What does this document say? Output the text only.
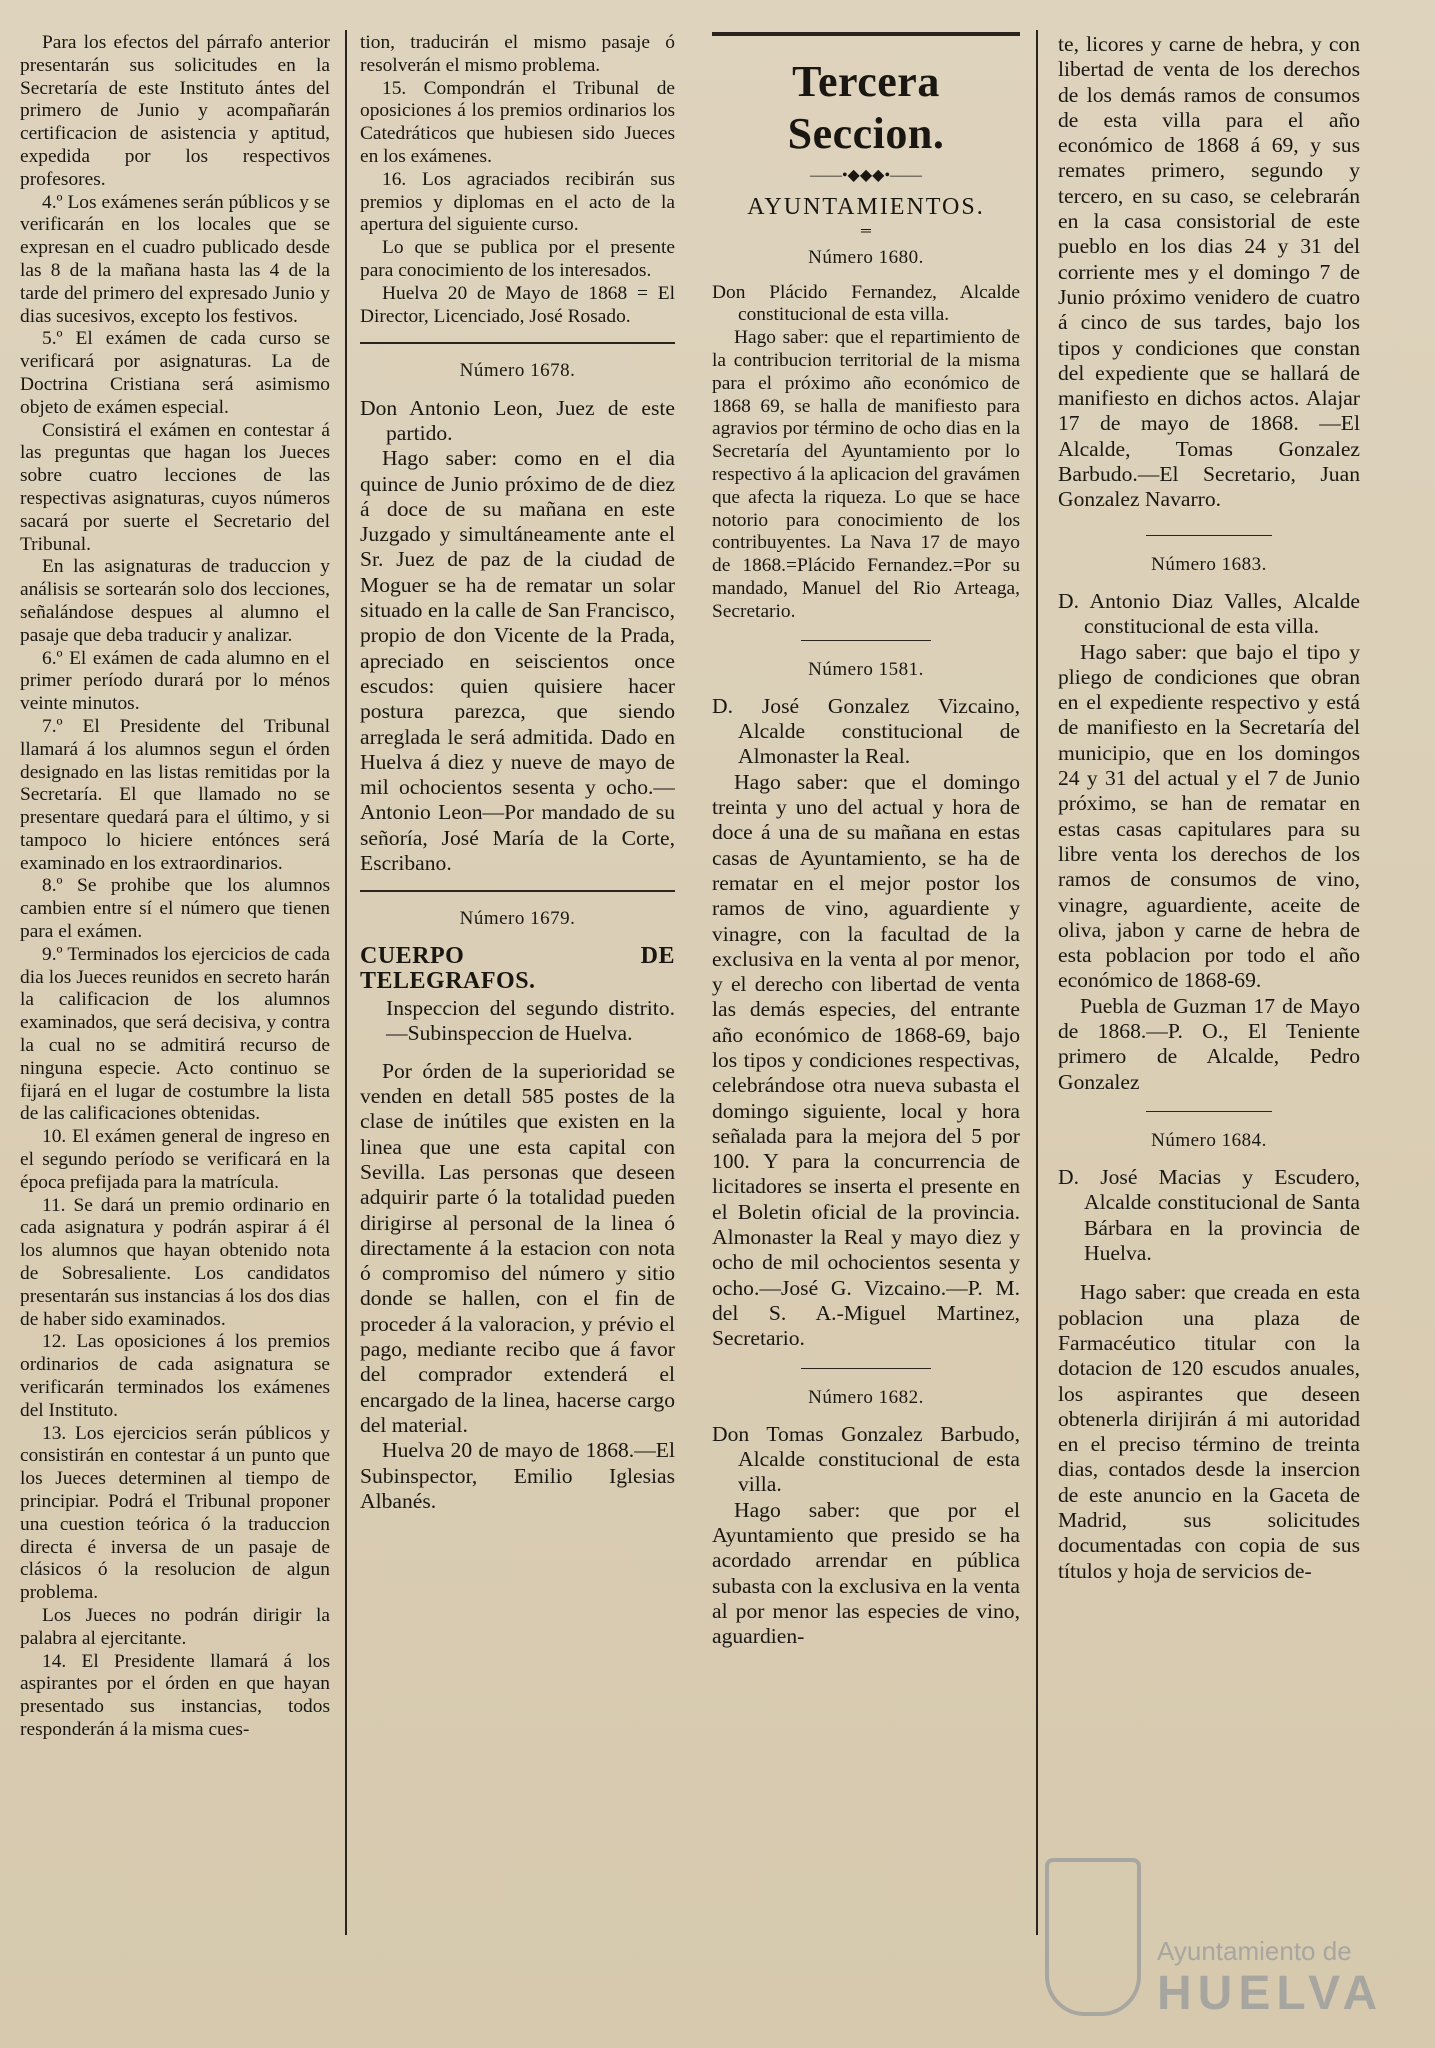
Para los efectos del párrafo anterior presentarán sus solicitudes en la Secretaría de este Instituto ántes del primero de Junio y acompañarán certificacion de asistencia y aptitud, expedida por los respectivos profesores.

4.º Los exámenes serán públicos y se verificarán en los locales que se expresan en el cuadro publicado desde las 8 de la mañana hasta las 4 de la tarde del primero del expresado Junio y dias sucesivos, excepto los festivos.

5.º El exámen de cada curso se verificará por asignaturas. La de Doctrina Cristiana será asimismo objeto de exámen especial.

Consistirá el exámen en contestar á las preguntas que hagan los Jueces sobre cuatro lecciones de las respectivas asignaturas, cuyos números sacará por suerte el Secretario del Tribunal.

En las asignaturas de traduccion y análisis se sortearán solo dos lecciones, señalándose despues al alumno el pasaje que deba traducir y analizar.

6.º El exámen de cada alumno en el primer período durará por lo ménos veinte minutos.

7.º El Presidente del Tribunal llamará á los alumnos segun el órden designado en las listas remitidas por la Secretaría. El que llamado no se presentare quedará para el último, y si tampoco lo hiciere entónces será examinado en los extraordinarios.

8.º Se prohibe que los alumnos cambien entre sí el número que tienen para el exámen.

9.º Terminados los ejercicios de cada dia los Jueces reunidos en secreto harán la calificacion de los alumnos examinados, que será decisiva, y contra la cual no se admitirá recurso de ninguna especie. Acto continuo se fijará en el lugar de costumbre la lista de las calificaciones obtenidas.

10. El exámen general de ingreso en el segundo período se verificará en la época prefijada para la matrícula.

11. Se dará un premio ordinario en cada asignatura y podrán aspirar á él los alumnos que hayan obtenido nota de Sobresaliente. Los candidatos presentarán sus instancias á los dos dias de haber sido examinados.

12. Las oposiciones á los premios ordinarios de cada asignatura se verificarán terminados los exámenes del Instituto.

13. Los ejercicios serán públicos y consistirán en contestar á un punto que los Jueces determinen al tiempo de principiar. Podrá el Tribunal proponer una cuestion teórica ó la traduccion directa é inversa de un pasaje de clásicos ó la resolucion de algun problema.

Los Jueces no podrán dirigir la palabra al ejercitante.

14. El Presidente llamará á los aspirantes por el órden en que hayan presentado sus instancias, todos responderán á la misma cues-

tion, traducirán el mismo pasaje ó resolverán el mismo problema.

15. Compondrán el Tribunal de oposiciones á los premios ordinarios los Catedráticos que hubiesen sido Jueces en los exámenes.

16. Los agraciados recibirán sus premios y diplomas en el acto de la apertura del siguiente curso.

Lo que se publica por el presente para conocimiento de los interesados.

Huelva 20 de Mayo de 1868 = El Director, Licenciado, José Rosado.

Número 1678.

Don Antonio Leon, Juez de este partido.

Hago saber: como en el dia quince de Junio próximo de de diez á doce de su mañana en este Juzgado y simultáneamente ante el Sr. Juez de paz de la ciudad de Moguer se ha de rematar un solar situado en la calle de San Francisco, propio de don Vicente de la Prada, apreciado en seiscientos once escudos: quien quisiere hacer postura parezca, que siendo arreglada le será admitida. Dado en Huelva á diez y nueve de mayo de mil ochocientos sesenta y ocho.—Antonio Leon—Por mandado de su señoría, José María de la Corte, Escribano.

Número 1679.

CUERPO DE TELEGRAFOS.

Inspeccion del segundo distrito.—Subinspeccion de Huelva.

Por órden de la superioridad se venden en detall 585 postes de la clase de inútiles que existen en la linea que une esta capital con Sevilla. Las personas que deseen adquirir parte ó la totalidad pueden dirigirse al personal de la linea ó directamente á la estacion con nota ó compromiso del número y sitio donde se hallen, con el fin de proceder á la valoracion, y prévio el pago, mediante recibo que á favor del comprador extenderá el encargado de la linea, hacerse cargo del material.

Huelva 20 de mayo de 1868.—El Subinspector, Emilio Iglesias Albanés.

Tercera Seccion.

——•◆◆◆•——

AYUNTAMIENTOS.

═

Número 1680.

Don Plácido Fernandez, Alcalde constitucional de esta villa.

Hago saber: que el repartimiento de la contribucion territorial de la misma para el próximo año económico de 1868 69, se halla de manifiesto para agravios por término de ocho dias en la Secretaría del Ayuntamiento por lo respectivo á la aplicacion del gravámen que afecta la riqueza. Lo que se hace notorio para conocimiento de los contribuyentes. La Nava 17 de mayo de 1868.=Plácido Fernandez.=Por su mandado, Manuel del Rio Arteaga, Secretario.

Número 1581.

D. José Gonzalez Vizcaino, Alcalde constitucional de Almonaster la Real.

Hago saber: que el domingo treinta y uno del actual y hora de doce á una de su mañana en estas casas de Ayuntamiento, se ha de rematar en el mejor postor los ramos de vino, aguardiente y vinagre, con la facultad de la exclusiva en la venta al por menor, y el derecho con libertad de venta las demás especies, del entrante año económico de 1868-69, bajo los tipos y condiciones respectivas, celebrándose otra nueva subasta el domingo siguiente, local y hora señalada para la mejora del 5 por 100. Y para la concurrencia de licitadores se inserta el presente en el Boletin oficial de la provincia. Almonaster la Real y mayo diez y ocho de mil ochocientos sesenta y ocho.—José G. Vizcaino.—P. M. del S. A.-Miguel Martinez, Secretario.

Número 1682.

Don Tomas Gonzalez Barbudo, Alcalde constitucional de esta villa.

Hago saber: que por el Ayuntamiento que presido se ha acordado arrendar en pública subasta con la exclusiva en la venta al por menor las especies de vino, aguardien-

te, licores y carne de hebra, y con libertad de venta de los derechos de los demás ramos de consumos de esta villa para el año económico de 1868 á 69, y sus remates primero, segundo y tercero, en su caso, se celebrarán en la casa consistorial de este pueblo en los dias 24 y 31 del corriente mes y el domingo 7 de Junio próximo venidero de cuatro á cinco de sus tardes, bajo los tipos y condiciones que constan del expediente que se hallará de manifiesto en dichos actos. Alajar 17 de mayo de 1868. —El Alcalde, Tomas Gonzalez Barbudo.—El Secretario, Juan Gonzalez Navarro.

Número 1683.

D. Antonio Diaz Valles, Alcalde constitucional de esta villa.

Hago saber: que bajo el tipo y pliego de condiciones que obran en el expediente respectivo y está de manifiesto en la Secretaría del municipio, que en los domingos 24 y 31 del actual y el 7 de Junio próximo, se han de rematar en estas casas capitulares para su libre venta los derechos de los ramos de consumos de vino, vinagre, aguardiente, aceite de oliva, jabon y carne de hebra de esta poblacion por todo el año económico de 1868-69.

Puebla de Guzman 17 de Mayo de 1868.—P. O., El Teniente primero de Alcalde, Pedro Gonzalez

Número 1684.

D. José Macias y Escudero, Alcalde constitucional de Santa Bárbara en la provincia de Huelva.

Hago saber: que creada en esta poblacion una plaza de Farmacéutico titular con la dotacion de 120 escudos anuales, los aspirantes que deseen obtenerla dirijirán á mi autoridad en el preciso término de treinta dias, contados desde la insercion de este anuncio en la Gaceta de Madrid, sus solicitudes documentadas con copia de sus títulos y hoja de servicios de-

Ayuntamiento de
HUELVA
